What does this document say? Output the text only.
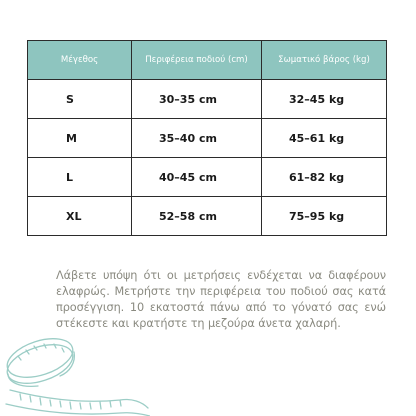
Μέγεθος	Περιφέρεια ποδιού (cm)	Σωματικό βάρος (kg)
S	30–35 cm	32–45 kg
M	35–40 cm	45–61 kg
L	40–45 cm	61–82 kg
XL	52–58 cm	75–95 kg

Λάβετε υπόψη ότι οι μετρήσεις ενδέχεται να διαφέρουν ελαφρώς. Μετρήστε την περιφέρεια του ποδιού σας κατά προσέγγιση. 10 εκατοστά πάνω από το γόνατό σας ενώ στέκεστε και κρατήστε τη μεζούρα άνετα χαλαρή.
